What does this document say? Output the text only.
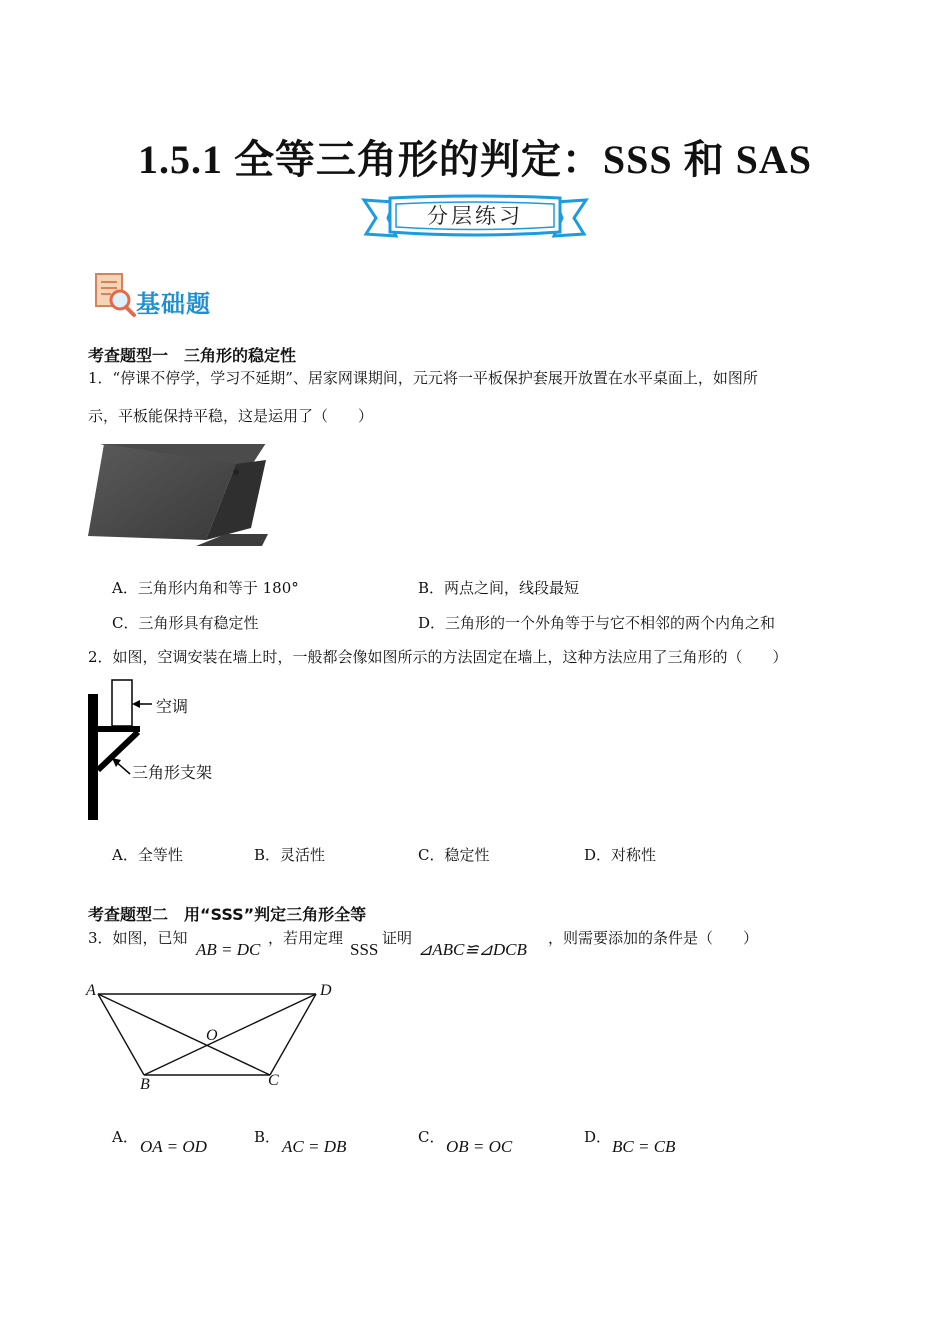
1.5.1 全等三角形的判定：SSS 和 SAS
分层练习
基础题
考查题型一　三角形的稳定性
1．“停课不停学，学习不延期”、居家网课期间，元元将一平板保护套展开放置在水平桌面上，如图所
示，平板能保持平稳，这是运用了（　　）
A．三角形内角和等于 180°	B．两点之间，线段最短
C．三角形具有稳定性	D．三角形的一个外角等于与它不相邻的两个内角之和
2．如图，空调安装在墙上时，一般都会像如图所示的方法固定在墙上，这种方法应用了三角形的（　　）
空调
三角形支架
A．全等性	B．灵活性	C．稳定性	D．对称性
考查题型二　用“SSS”判定三角形全等
3．如图，已知
AB = DC
，若用定理
SSS
证明
⊿ABC≌⊿DCB
，则需要添加的条件是（　　）
A
B	C
D
O
A． OA = OD	B． AC = DB	C． OB = OC	D． BC = CB
